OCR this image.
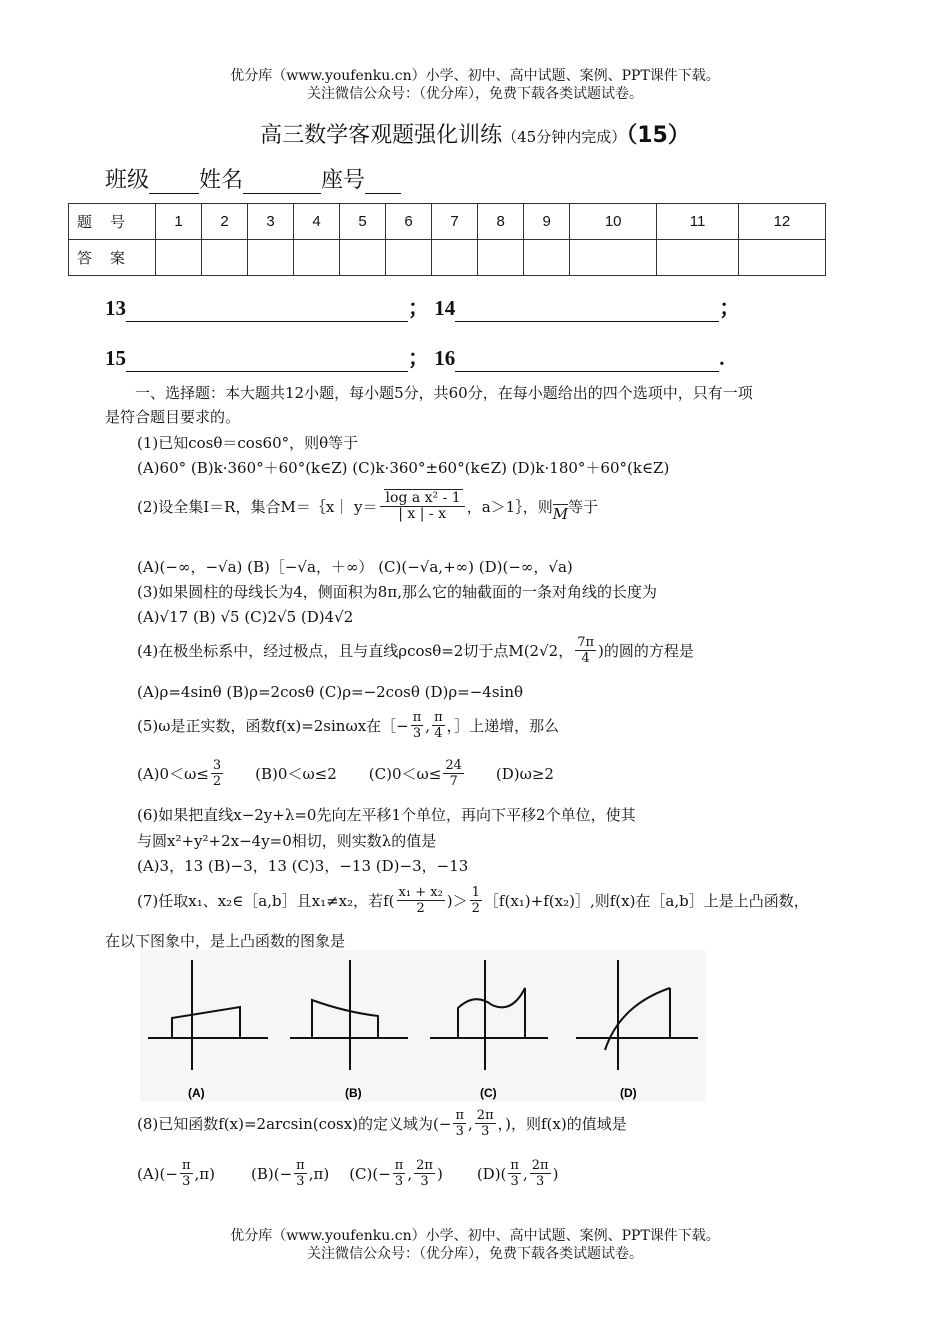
优分库（www.youfenku.cn）小学、初中、高中试题、案例、PPT课件下载。
关注微信公众号：（优分库），免费下载各类试题试卷。
高三数学客观题强化训练（45分钟内完成）（15）
班级 姓名	座号
题号	1	2	3	4	5	6	7	8	9	10	11	12
答案												
13	； 14	；
15	； 16	.
一、选择题：本大题共12小题，每小题5分，共60分，在每小题给出的四个选项中，只有一项
是符合题目要求的。
(1)已知cosθ＝cos60°，则θ等于
(A)60° (B)k·360°＋60°(k∈Z) (C)k·360°±60°(k∈Z) (D)k·180°＋60°(k∈Z)
(2)设全集I＝R，集合M＝｛x｜ $y= \frac{\text{log a x² - 1}}{| x | - x}$ ，a＞1｝，则 M 等于
(A)(−∞，−√a) (B)［−√a，＋∞） (C)(−√a,+∞) (D)(−∞，√a)
(3)如果圆柱的母线长为4，侧面积为8π,那么它的轴截面的一条对角线的长度为
(A)√17 (B) √5 (C)2√5 (D)4√2
(4)在极坐标系中，经过极点，且与直线ρcosθ=2切于点M(2√2， $\frac{7\pi}{4}$ )的圆的方程是
(A)ρ=4sinθ (B)ρ=2cosθ (C)ρ=−2cosθ (D)ρ=−4sinθ
(5)ω是正实数，函数f(x)=2sinωx在［− $\frac{\pi}{3}$ , $\frac{\pi}{4}$ ，］上递增，那么
$(A)0<\omega\le \frac{3}{2} (B)0<\omega\le 2$ $(C)0<\omega\le \frac{24}{7} (D)\omega\ge 2$
(6)如果把直线x−2y+λ=0先向左平移1个单位，再向下平移2个单位，使其
与圆x²+y²+2x−4y=0相切，则实数λ的值是
(A)3，13 (B)−3，13 (C)3，−13 (D)−3，−13
(7)任取x₁、x₂∈［a,b］且x₁≠x₂，若$f( \frac{\text{x₁ + x₂}}{2}$ )＞ $\frac{1}{2}$ ［f(x₁)+f(x₂)］,则f(x)在［a,b］上是上凸函数，
在以下图象中，是上凸函数的图象是
(A)	(B)	(C)	(D)
(8)已知函数f(x)=2arcsin(cosx)的定义域为(− $\frac{\pi}{3}$ , $\frac{2\pi}{3}$ ，)，则f(x)的值域是
$(A)(- \frac{\pi}{3} ,\pi)$ $(B)(- \frac{\pi}{3} ,\pi)$ $(C)(- \frac{\pi}{3}$ , $\frac{2\pi}{3}$ ) $(D)( \frac{\pi}{3}$ , $\frac{2\pi}{3}$ )
优分库（www.youfenku.cn）小学、初中、高中试题、案例、PPT课件下载。
关注微信公众号：（优分库），免费下载各类试题试卷。
